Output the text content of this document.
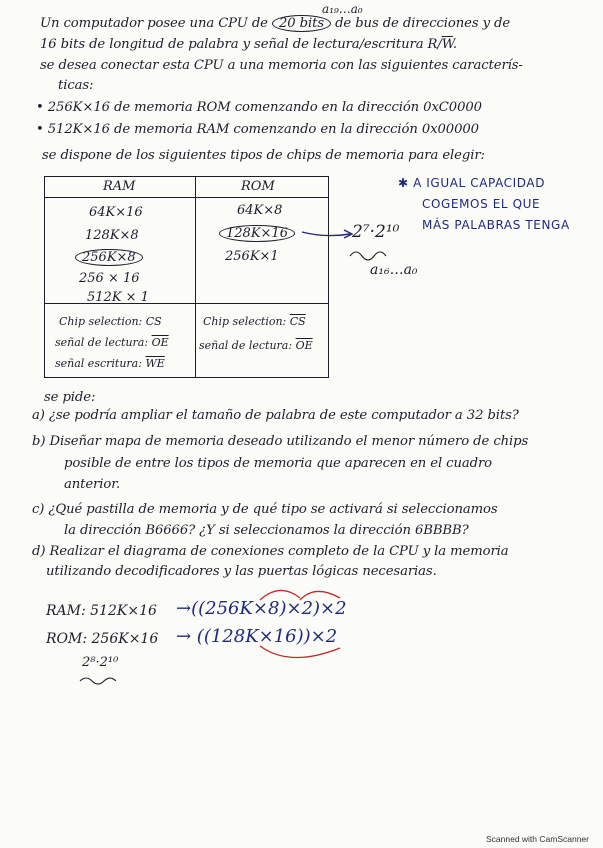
a₁₉…a₀
Un computador posee una CPU de 20 bits de bus de direcciones y de
16 bits de longitud de palabra y señal de lectura/escritura $R/\overline{W}$.
se desea conectar esta CPU a una memoria con las siguientes caracterís-
ticas:
• 256K×16 de memoria ROM comenzando en la dirección 0xC0000
• 512K×16 de memoria RAM comenzando en la dirección 0x00000
se dispone de los siguientes tipos de chips de memoria para elegir:
RAM	ROM
64K×16
128K×8
256K×8
256 × 16
512K × 1
64K×8
128K×16
256K×1
Chip selection: CS
señal de lectura: $\overline{OE}$
señal escritura: $\overline{WE}$
Chip selection: $\overline{CS}$
señal de lectura: $\overline{OE}$
2⁷·2¹⁰
a₁₆…a₀
✱ A IGUAL CAPACIDAD
COGEMOS EL QUE
MÁS PALABRAS TENGA
se pide:
a) ¿se podría ampliar el tamaño de palabra de este computador a 32 bits?
b) Diseñar mapa de memoria deseado utilizando el menor número de chips
posible de entre los tipos de memoria que aparecen en el cuadro
anterior.
c) ¿Qué pastilla de memoria y de qué tipo se activará si seleccionamos
la dirección B6666? ¿Y si seleccionamos la dirección 6BBBB?
d) Realizar el diagrama de conexiones completo de la CPU y la memoria
utilizando decodificadores y las puertas lógicas necesarias.
RAM: 512K×16 →((256K×8)×2)×2
ROM: 256K×16 → ((128K×16))×2
2⁸·2¹⁰
Scanned with CamScanner
